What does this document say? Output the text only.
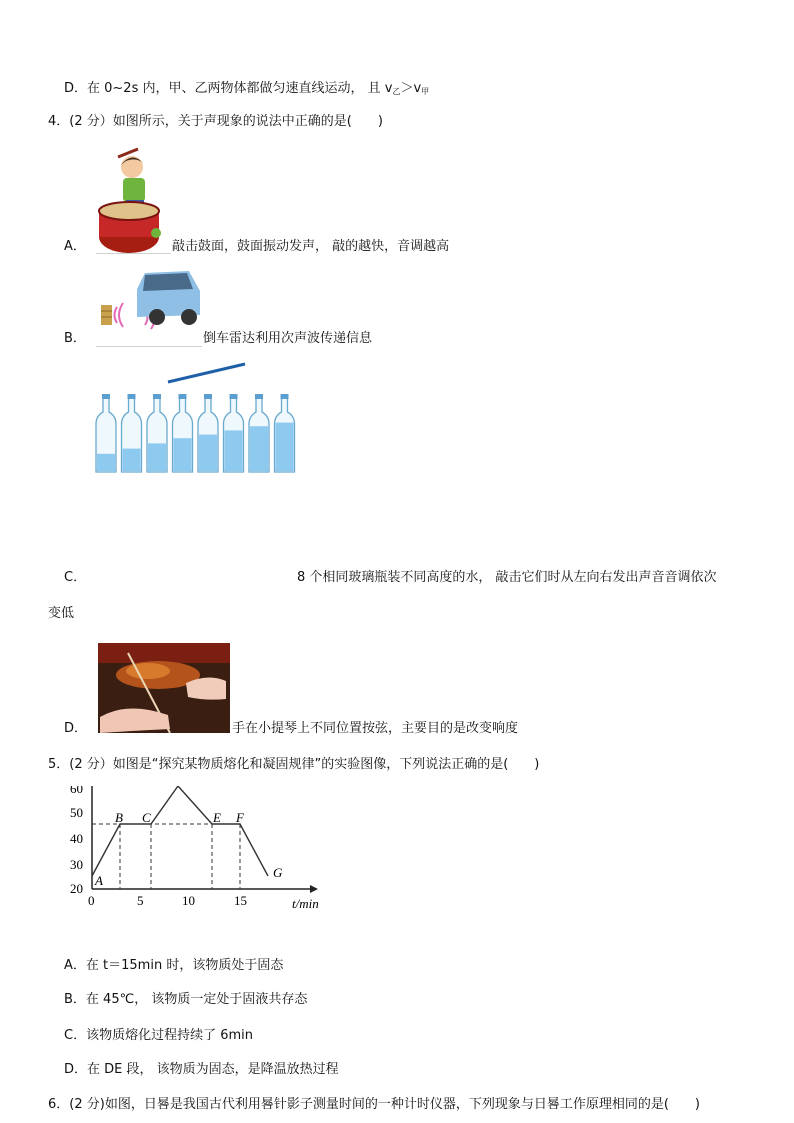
D．在 0~2s 内，甲、乙两物体都做匀速直线运动， 且 $v_乙>v_甲$
4．(2 分）如图所示，关于声现象的说法中正确的是(　　)
A．	敲击鼓面，鼓面振动发声， 敲的越快，音调越高
B．	倒车雷达利用次声波传递信息
C．	8 个相同玻璃瓶装不同高度的水， 敲击它们时从左向右发出声音音调依次
变低
D．	手在小提琴上不同位置按弦，主要目的是改变响度
5．(2 分）如图是“探究某物质熔化和凝固规律”的实验图像，下列说法正确的是(　　)
60
50
40
30
20
0	5	10	15	t/min
A
B C	E F
G
A．在 t＝15min 时，该物质处于固态
B．在 45℃， 该物质一定处于固液共存态
C．该物质熔化过程持续了 6min
D．在 DE 段， 该物质为固态，是降温放热过程
6．(2 分)如图，日晷是我国古代利用晷针影子测量时间的一种计时仪器，下列现象与日晷工作原理相同的是(　　)
